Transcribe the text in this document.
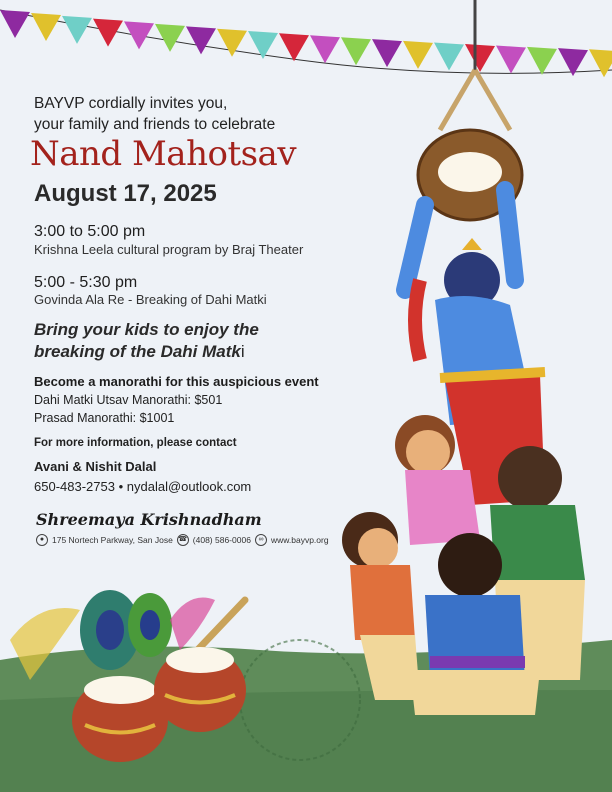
BAYVP cordially invites you,
your family and friends to celebrate
Nand Mahotsav
August 17, 2025
3:00 to 5:00 pm
Krishna Leela cultural program by Braj Theater
5:00 - 5:30 pm
Govinda Ala Re - Breaking of Dahi Matki
Bring your kids to enjoy the
breaking of the Dahi Matki
Become a manorathi for this auspicious event
Dahi Matki Utsav Manorathi: $501
Prasad Manorathi: $1001
For more information, please contact
Avani & Nishit Dalal
650-483-2753 • nydalal@outlook.com
Shreemaya Krishnadham
● 175 Nortech Parkway, San Jose ☎ (408) 586-0006	∞ www.bayvp.org
